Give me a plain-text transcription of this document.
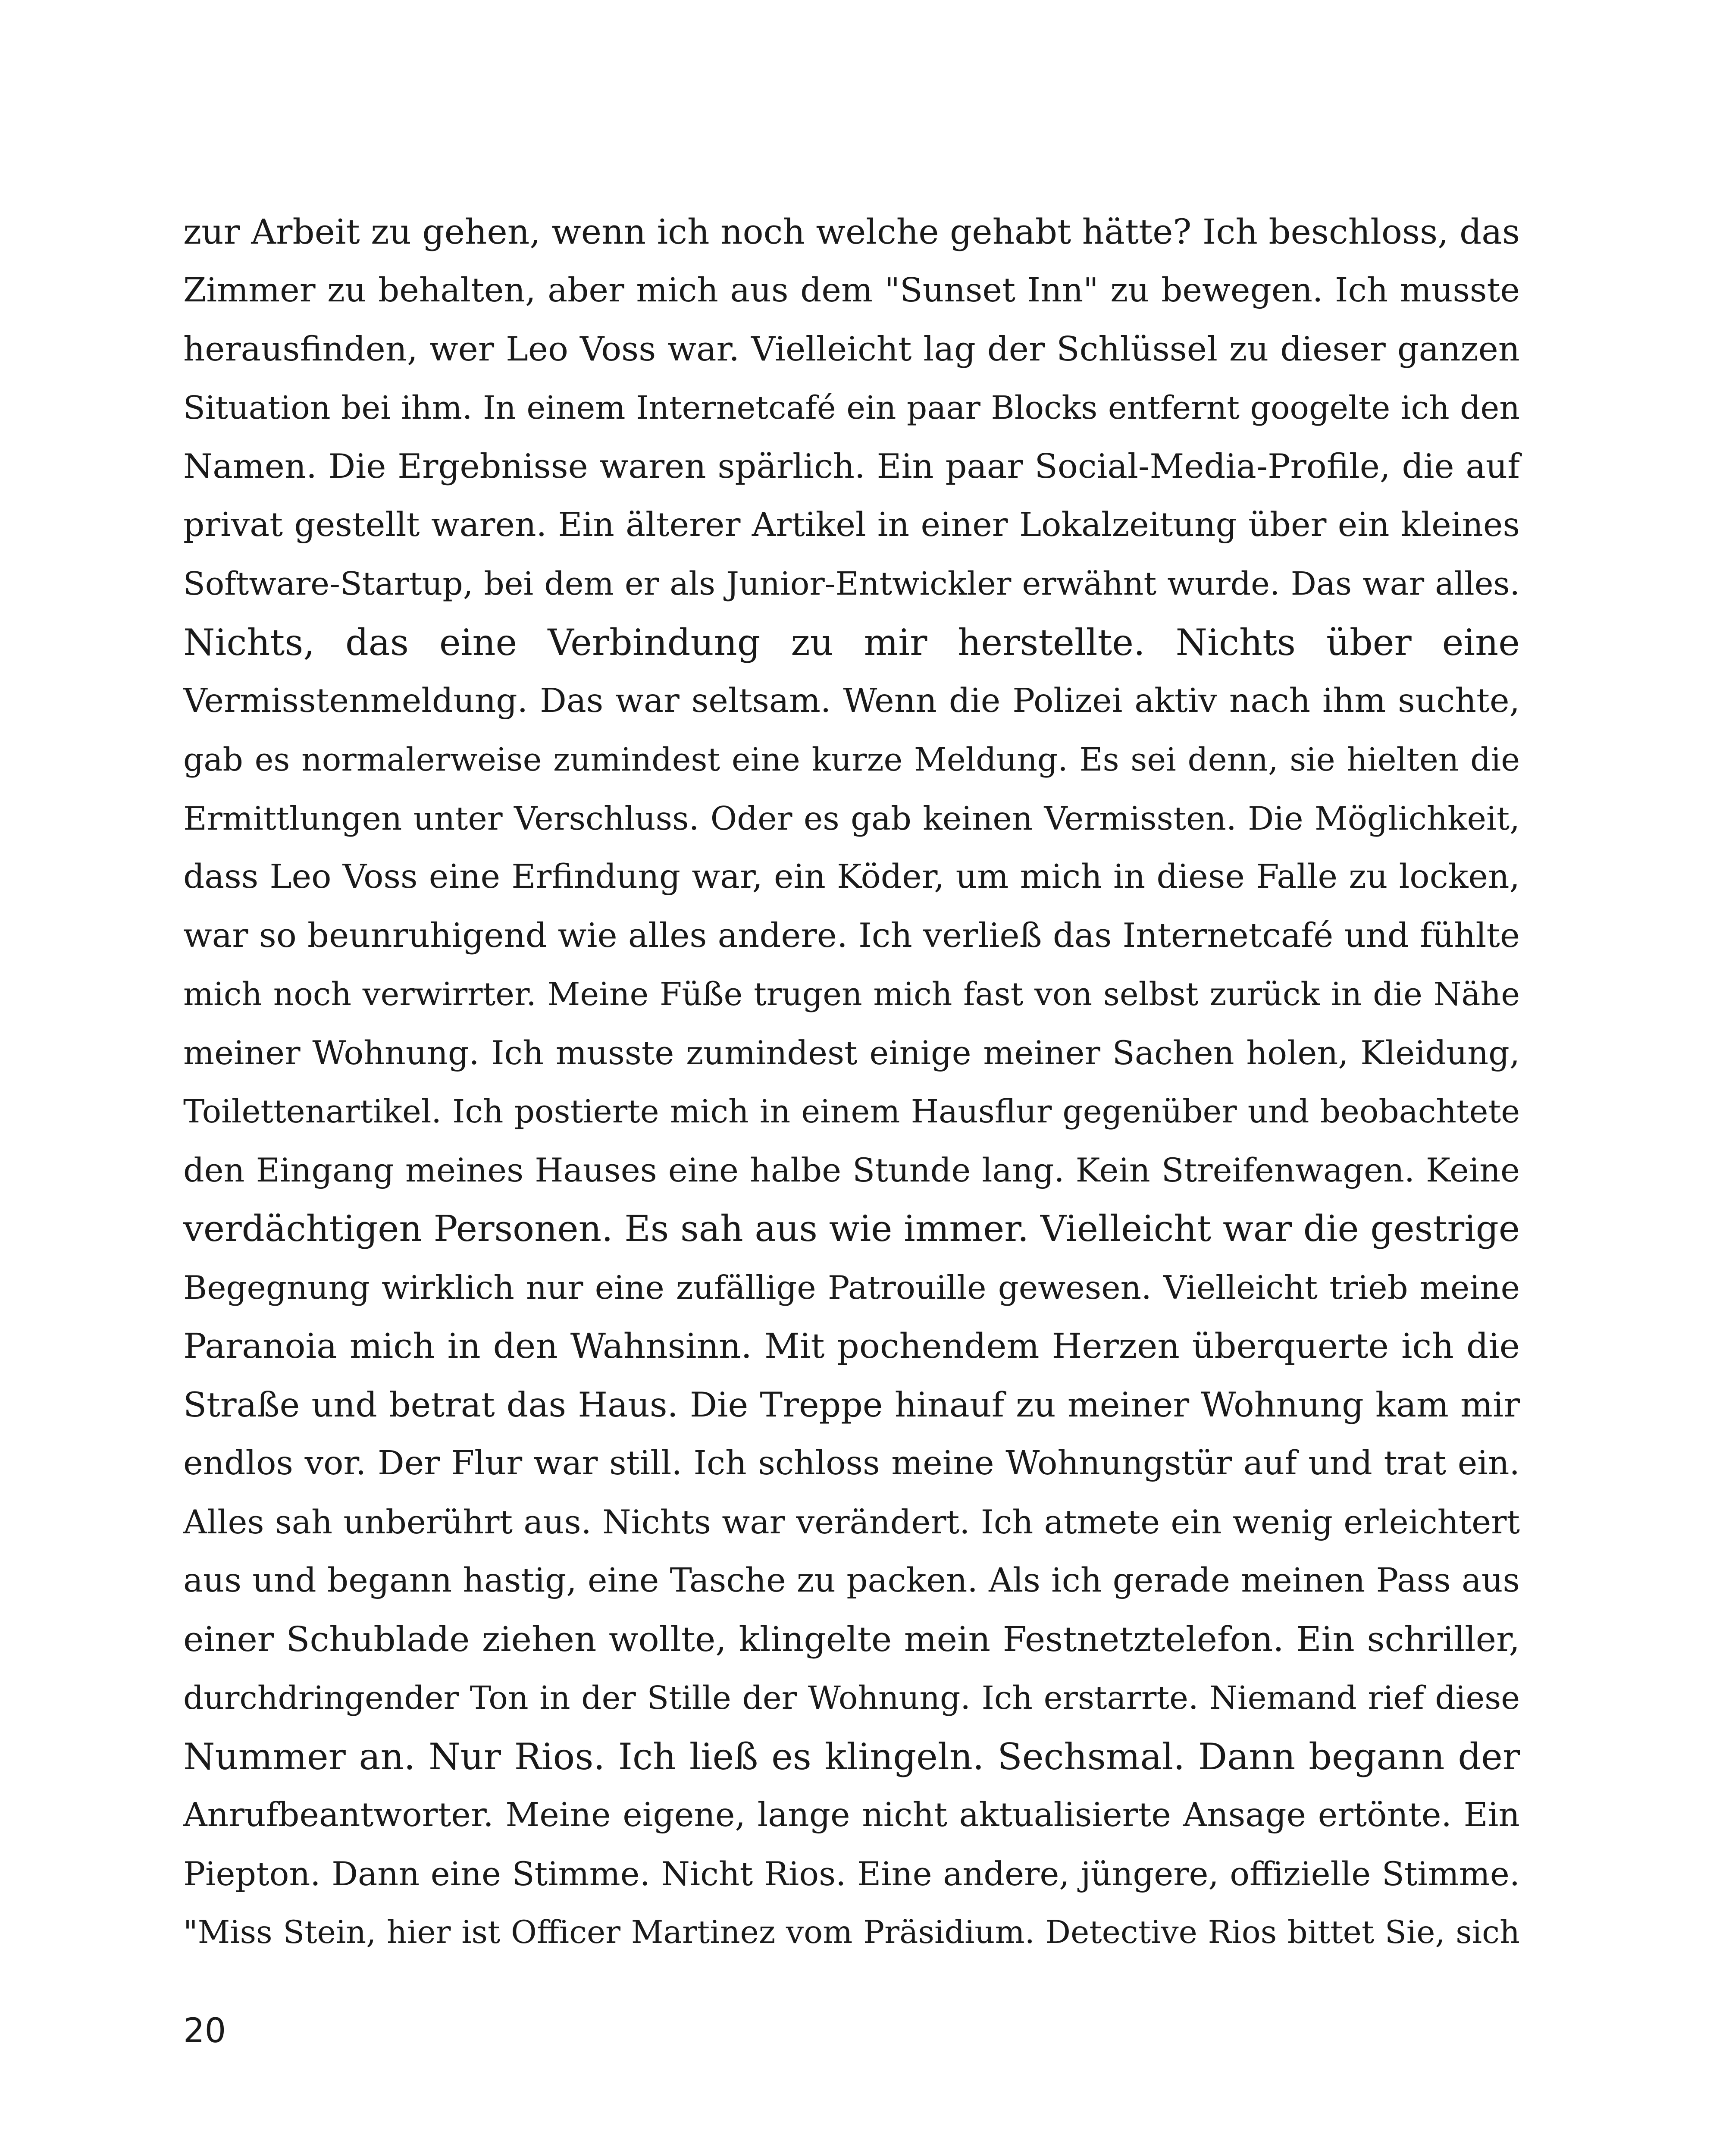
zur Arbeit zu gehen, wenn ich noch welche gehabt hätte? Ich beschloss, das
Zimmer zu behalten, aber mich aus dem "Sunset Inn" zu bewegen. Ich musste
herausfinden, wer Leo Voss war. Vielleicht lag der Schlüssel zu dieser ganzen
Situation bei ihm. In einem Internetcafé ein paar Blocks entfernt googelte ich den
Namen. Die Ergebnisse waren spärlich. Ein paar Social-Media-Profile, die auf
privat gestellt waren. Ein älterer Artikel in einer Lokalzeitung über ein kleines
Software-Startup, bei dem er als Junior-Entwickler erwähnt wurde. Das war alles.
Nichts, das eine Verbindung zu mir herstellte. Nichts über eine
Vermisstenmeldung. Das war seltsam. Wenn die Polizei aktiv nach ihm suchte,
gab es normalerweise zumindest eine kurze Meldung. Es sei denn, sie hielten die
Ermittlungen unter Verschluss. Oder es gab keinen Vermissten. Die Möglichkeit,
dass Leo Voss eine Erfindung war, ein Köder, um mich in diese Falle zu locken,
war so beunruhigend wie alles andere. Ich verließ das Internetcafé und fühlte
mich noch verwirrter. Meine Füße trugen mich fast von selbst zurück in die Nähe
meiner Wohnung. Ich musste zumindest einige meiner Sachen holen, Kleidung,
Toilettenartikel. Ich postierte mich in einem Hausflur gegenüber und beobachtete
den Eingang meines Hauses eine halbe Stunde lang. Kein Streifenwagen. Keine
verdächtigen Personen. Es sah aus wie immer. Vielleicht war die gestrige
Begegnung wirklich nur eine zufällige Patrouille gewesen. Vielleicht trieb meine
Paranoia mich in den Wahnsinn. Mit pochendem Herzen überquerte ich die
Straße und betrat das Haus. Die Treppe hinauf zu meiner Wohnung kam mir
endlos vor. Der Flur war still. Ich schloss meine Wohnungstür auf und trat ein.
Alles sah unberührt aus. Nichts war verändert. Ich atmete ein wenig erleichtert
aus und begann hastig, eine Tasche zu packen. Als ich gerade meinen Pass aus
einer Schublade ziehen wollte, klingelte mein Festnetztelefon. Ein schriller,
durchdringender Ton in der Stille der Wohnung. Ich erstarrte. Niemand rief diese
Nummer an. Nur Rios. Ich ließ es klingeln. Sechsmal. Dann begann der
Anrufbeantworter. Meine eigene, lange nicht aktualisierte Ansage ertönte. Ein
Piepton. Dann eine Stimme. Nicht Rios. Eine andere, jüngere, offizielle Stimme.
"Miss Stein, hier ist Officer Martinez vom Präsidium. Detective Rios bittet Sie, sich
20
